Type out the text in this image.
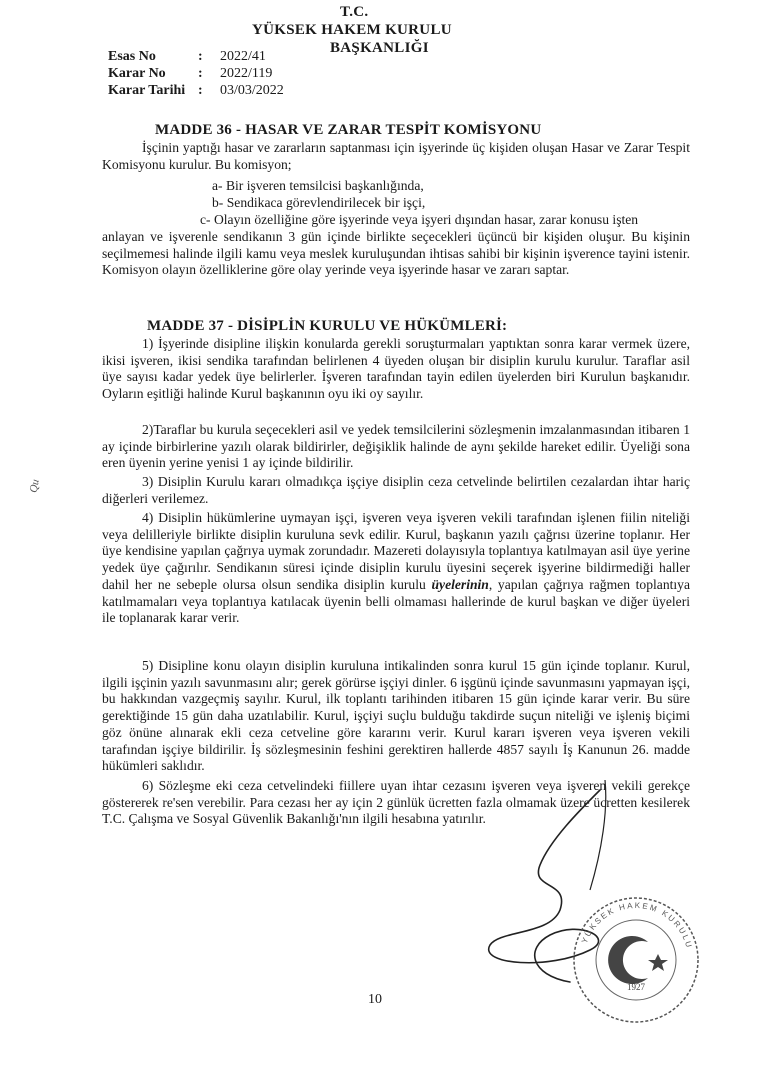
T.C.
YÜKSEK HAKEM KURULU
BAŞKANLIĞI
Esas No	:	2022/41
Karar No	:	2022/119
Karar Tarihi :	03/03/2022
MADDE 36 - HASAR VE ZARAR TESPİT KOMİSYONU
İşçinin yaptığı hasar ve zararların saptanması için işyerinde üç kişiden oluşan Hasar ve Zarar Tespit Komisyonu kurulur. Bu komisyon;
a- Bir işveren temsilcisi başkanlığında,
b- Sendikaca görevlendirilecek bir işçi,
c- Olayın özelliğine göre işyerinde veya işyeri dışından hasar, zarar konusu işten
anlayan ve işverenle sendikanın 3 gün içinde birlikte seçecekleri üçüncü bir kişiden oluşur. Bu kişinin seçilmemesi halinde ilgili kamu veya meslek kuruluşundan ihtisas sahibi bir kişinin işverence tayini istenir. Komisyon olayın özelliklerine göre olay yerinde veya işyerinde hasar ve zararı saptar.
MADDE 37 - DİSİPLİN KURULU VE HÜKÜMLERİ:
1) İşyerinde disipline ilişkin konularda gerekli soruşturmaları yaptıktan sonra karar vermek üzere, ikisi işveren, ikisi sendika tarafından belirlenen 4 üyeden oluşan bir disiplin kurulu kurulur. Taraflar asil üye sayısı kadar yedek üye belirlerler. İşveren tarafından tayin edilen üyelerden biri Kurulun başkanıdır. Oyların eşitliği halinde Kurul başkanının oyu iki oy sayılır.
2)Taraflar bu kurula seçecekleri asil ve yedek temsilcilerini sözleşmenin imzalanmasından itibaren 1 ay içinde birbirlerine yazılı olarak bildirirler, değişiklik halinde de aynı şekilde hareket edilir. Üyeliği sona eren üyenin yerine yenisi 1 ay içinde bildirilir.
3) Disiplin Kurulu kararı olmadıkça işçiye disiplin ceza cetvelinde belirtilen cezalardan ihtar hariç diğerleri verilemez.
4) Disiplin hükümlerine uymayan işçi, işveren veya işveren vekili tarafından işlenen fiilin niteliği veya delilleriyle birlikte disiplin kuruluna sevk edilir. Kurul, başkanın yazılı çağrısı üzerine toplanır. Her üye kendisine yapılan çağrıya uymak zorundadır. Mazereti dolayısıyla toplantıya katılmayan asil üye yerine yedek üye çağırılır. Sendikanın süresi içinde disiplin kurulu üyesini seçerek işyerine bildirmediği haller dahil her ne sebeple olursa olsun sendika disiplin kurulu üyelerinin, yapılan çağrıya rağmen toplantıya katılmamaları veya toplantıya katılacak üyenin belli olmaması hallerinde de kurul başkan ve diğer üyeleri ile toplanarak karar verir.
5) Disipline konu olayın disiplin kuruluna intikalinden sonra kurul 15 gün içinde toplanır. Kurul, ilgili işçinin yazılı savunmasını alır; gerek görürse işçiyi dinler. 6 işgünü içinde savunmasını yapmayan işçi, bu hakkından vazgeçmiş sayılır. Kurul, ilk toplantı tarihinden itibaren 15 gün içinde karar verir. Bu süre gerektiğinde 15 gün daha uzatılabilir. Kurul, işçiyi suçlu bulduğu takdirde suçun niteliği ve işleniş biçimi göz önüne alınarak ekli ceza cetveline göre kararını verir. Kurul kararı işveren veya işveren vekili tarafından işçiye bildirilir. İş sözleşmesinin feshini gerektiren hallerde 4857 sayılı İş Kanunun 26. madde hükümleri saklıdır.
6) Sözleşme eki ceza cetvelindeki fiillere uyan ihtar cezasını işveren veya işveren vekili gerekçe göstererek re'sen verebilir. Para cezası her ay için 2 günlük ücretten fazla olmamak üzere ücretten kesilerek T.C. Çalışma ve Sosyal Güvenlik Bakanlığı'nın ilgili hesabına yatırılır.
1927
YÜKSEK HAKEM KURULU
Qu
10
